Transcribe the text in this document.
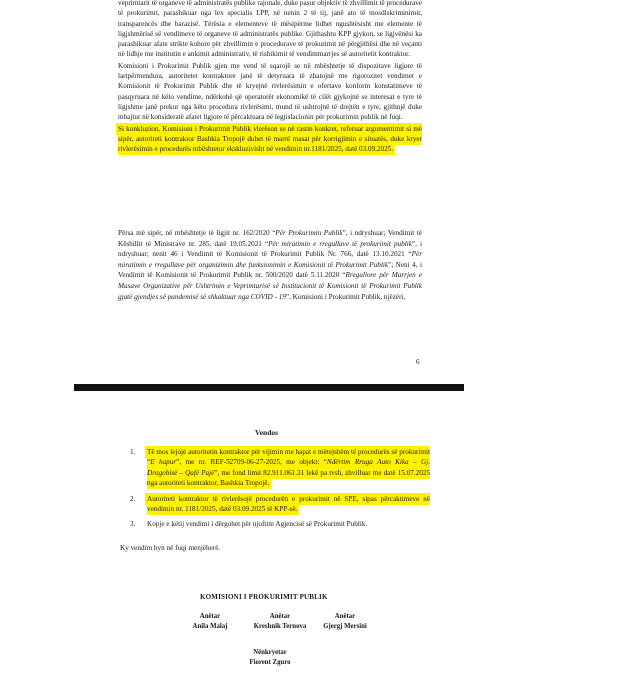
veprimtarit të organeve të administratës publike rajonale, duke pasur objektiv të zhvillimit të procedurave të prokurimit, parashikuar nga lex specialis LPP, në nenin 2 të tij, janë ato të mosdiskriminimit, transparencës dhe barazisë. Tërësia e elementeve të mësipërme lidhet ngushtësisht me elemente të ligjshmërisë së vendimeve të organeve të administratës publike. Gjithashtu KPP gjykon, se ligjvënësi ka parashikuar afate strikte kohore për zhvillimin e procedurave të prokurimit në përgjithësi dhe në veçanti në lidhje me institutin e ankimit administrativ, të rishikimit të vendimmarrjes së autoritetit kontraktor.

Komisioni i Prokurimit Publik gjen me vend të sqarojë se në mbështetje të dispozitave ligjore të lartpërmendura, autoritetet kontraktore janë të detyruara të zbatojnë me rigorozitet vendimet e Komisionit të Prokurimit Publik dhe të kryejnë rivlerësimin e ofertave konform konstatimeve të pasqyruara në këto vendime, ndërkohë që operatorët ekonomikë të cilët gjykojnë se interesat e tyre të ligjshme janë prekur nga këto procedura rivlerësimi, mund të ushtrojnë të drejtën e tyre, gjithnjë duke mbajtur në konsideratë afatet ligjore të përcaktuara në legjislacionin për prokurimin publik në fuqi.

Si konkluzion, Komisioni i Prokurimit Publik vlerëson se në rastin konkret, referuar argumentimit si më sipër, autoriteti kontraktor Bashkia Tropojë duhet të marrë masat për korrigjimin e situatës, duke kryer rivlerësimin e procedurës mbështetur ekskluzivisht në vendimin nr.1181/2025, datë 03.09.2025.

Përsa më sipër, në mbështetje të ligjit nr. 162/2020 “Për Prokurimin Publik”, i ndryshuar; Vendimit të Këshillit të Ministrave nr. 285, datë 19.05.2021 “Për miratimin e rregullave të prokurimit publik”, i ndryshuar; nenit 46 i Vendimit të Komisionit të Prokurimit Publik Nr. 766, datë 13.10.2021 “Për miratimin e rregullave për organizimin dhe funksionimin e Komisionit të Prokurimit Publik”; Neni 4, i Vendimit të Komisionit të Prokurimit Publik nr. 500/2020 datë 5.11.2020 “Rregullore për Marrjen e Masave Organizative për Ushtrimin e Veprimtarisë së Institucionit të Komisionit të Prokurimit Publik gjatë gjendjes së pandemisë së shkaktuar nga COVID - 19”, Komisioni i Prokurimit Publik, njëzëri,
6
Vendos
1. Të mos lejojë autoritetin kontraktor për vijimin me hapat e mëtejshëm të procedurës së prokurimit “E hapur”, me nr. REF-52709-06-27-2025, me objekt: “Ndërtim Rruga Auto Kika – Gj. Dragobisë – Qafë Pajë”, me fond limit 82.911.061.31 lekë pa tvsh, zhvilluar me datë 15.07.2025 nga autoriteti kontraktor, Bashkia Tropojë.
2. Autoriteti kontraktor të rivlerësojë procedurën e prokurimit në SPE, sipas përcaktimeve në vendimin nr. 1181/2025, datë 03.09.2025 të KPP-së.
3. Kopje e këtij vendimi i dërgohet për njoftim Agjencisë së Prokurimit Publik.
Ky vendim hyn në fuqi menjëherë.
KOMISIONI I PROKURIMIT PUBLIK
Anëtar
Anila Malaj
Anëtar
Kreshnik Ternova
Anëtar
Gjergj Mersini
Nënkryetar
Fiorent Zguro
